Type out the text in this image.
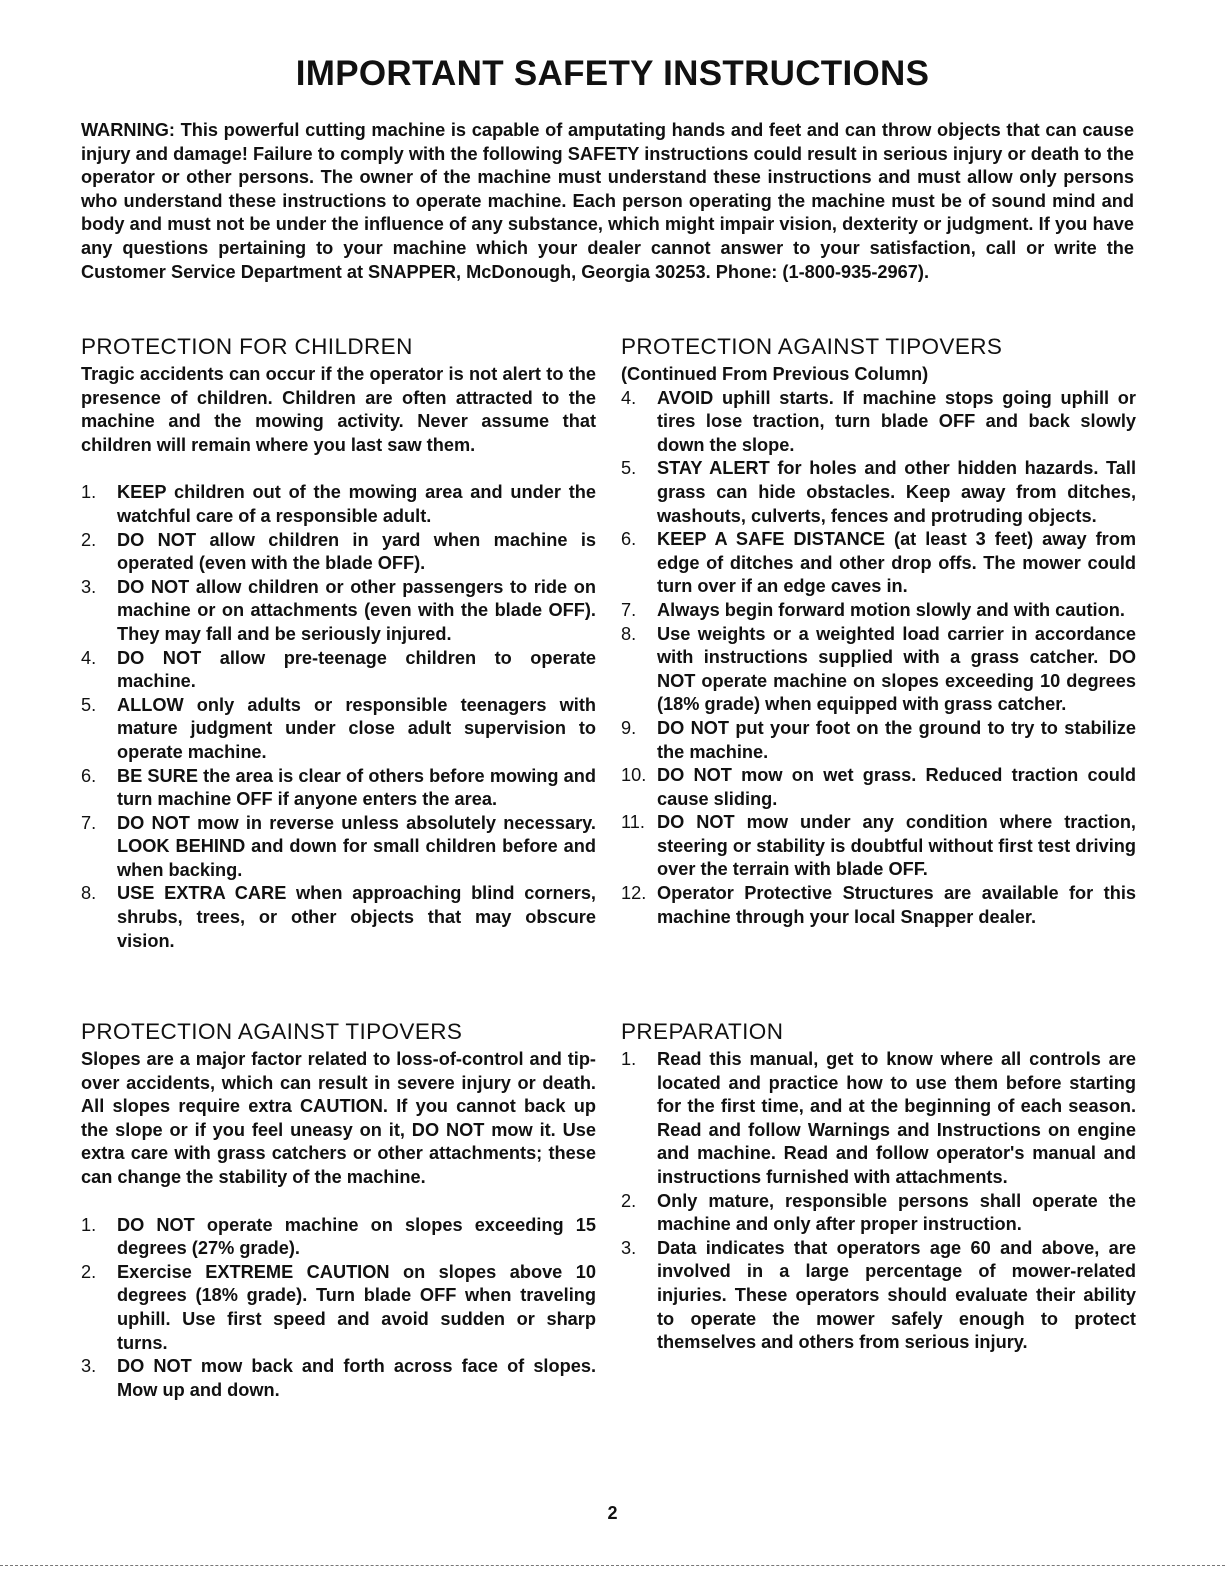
IMPORTANT SAFETY INSTRUCTIONS
WARNING: This powerful cutting machine is capable of amputating hands and feet and can throw objects that can cause injury and damage! Failure to comply with the following SAFETY instructions could result in serious injury or death to the operator or other persons. The owner of the machine must understand these instructions and must allow only persons who understand these instructions to operate machine. Each person operating the machine must be of sound mind and body and must not be under the influence of any substance, which might impair vision, dexterity or judgment. If you have any questions pertaining to your machine which your dealer cannot answer to your satisfaction, call or write the Customer Service Department at SNAPPER, McDonough, Georgia 30253. Phone: (1-800-935-2967).
PROTECTION FOR CHILDREN

Tragic accidents can occur if the operator is not alert to the presence of children. Children are often attracted to the machine and the mowing activity. Never assume that children will remain where you last saw them.

1.	KEEP children out of the mowing area and under the watchful care of a responsible adult.
2.	DO NOT allow children in yard when machine is operated (even with the blade OFF).
3.	DO NOT allow children or other passengers to ride on machine or on attachments (even with the blade OFF). They may fall and be seriously injured.
4.	DO NOT allow pre-teenage children to operate machine.
5.	ALLOW only adults or responsible teenagers with mature judgment under close adult supervision to operate machine.
6.	BE SURE the area is clear of others before mowing and turn machine OFF if anyone enters the area.
7.	DO NOT mow in reverse unless absolutely necessary. LOOK BEHIND and down for small children before and when backing.
8.	USE EXTRA CARE when approaching blind corners, shrubs, trees, or other objects that may obscure vision.
PROTECTION AGAINST TIPOVERS

Slopes are a major factor related to loss-of-control and tip-over accidents, which can result in severe injury or death. All slopes require extra CAUTION. If you cannot back up the slope or if you feel uneasy on it, DO NOT mow it. Use extra care with grass catchers or other attachments; these can change the stability of the machine.

1.	DO NOT operate machine on slopes exceeding 15 degrees (27% grade).
2.	Exercise EXTREME CAUTION on slopes above 10 degrees (18% grade). Turn blade OFF when traveling uphill. Use first speed and avoid sudden or sharp turns.
3.	DO NOT mow back and forth across face of slopes. Mow up and down.
PROTECTION AGAINST TIPOVERS

(Continued From Previous Column)

4.	AVOID uphill starts. If machine stops going uphill or tires lose traction, turn blade OFF and back slowly down the slope.
5.	STAY ALERT for holes and other hidden hazards. Tall grass can hide obstacles. Keep away from ditches, washouts, culverts, fences and protruding objects.
6.	KEEP A SAFE DISTANCE (at least 3 feet) away from edge of ditches and other drop offs. The mower could turn over if an edge caves in.
7.	Always begin forward motion slowly and with caution.
8.	Use weights or a weighted load carrier in accordance with instructions supplied with a grass catcher. DO NOT operate machine on slopes exceeding 10 degrees (18% grade) when equipped with grass catcher.
9.	DO NOT put your foot on the ground to try to stabilize the machine.
10. DO NOT mow on wet grass. Reduced traction could cause sliding.
11. DO NOT mow under any condition where traction, steering or stability is doubtful without first test driving over the terrain with blade OFF.
12. Operator Protective Structures are available for this machine through your local Snapper dealer.
PREPARATION
1.	Read this manual, get to know where all controls are located and practice how to use them before starting for the first time, and at the beginning of each season. Read and follow Warnings and Instructions on engine and machine. Read and follow operator's manual and instructions furnished with attachments.
2.	Only mature, responsible persons shall operate the machine and only after proper instruction.
3.	Data indicates that operators age 60 and above, are involved in a large percentage of mower-related injuries. These operators should evaluate their ability to operate the mower safely enough to protect themselves and others from serious injury.
2
